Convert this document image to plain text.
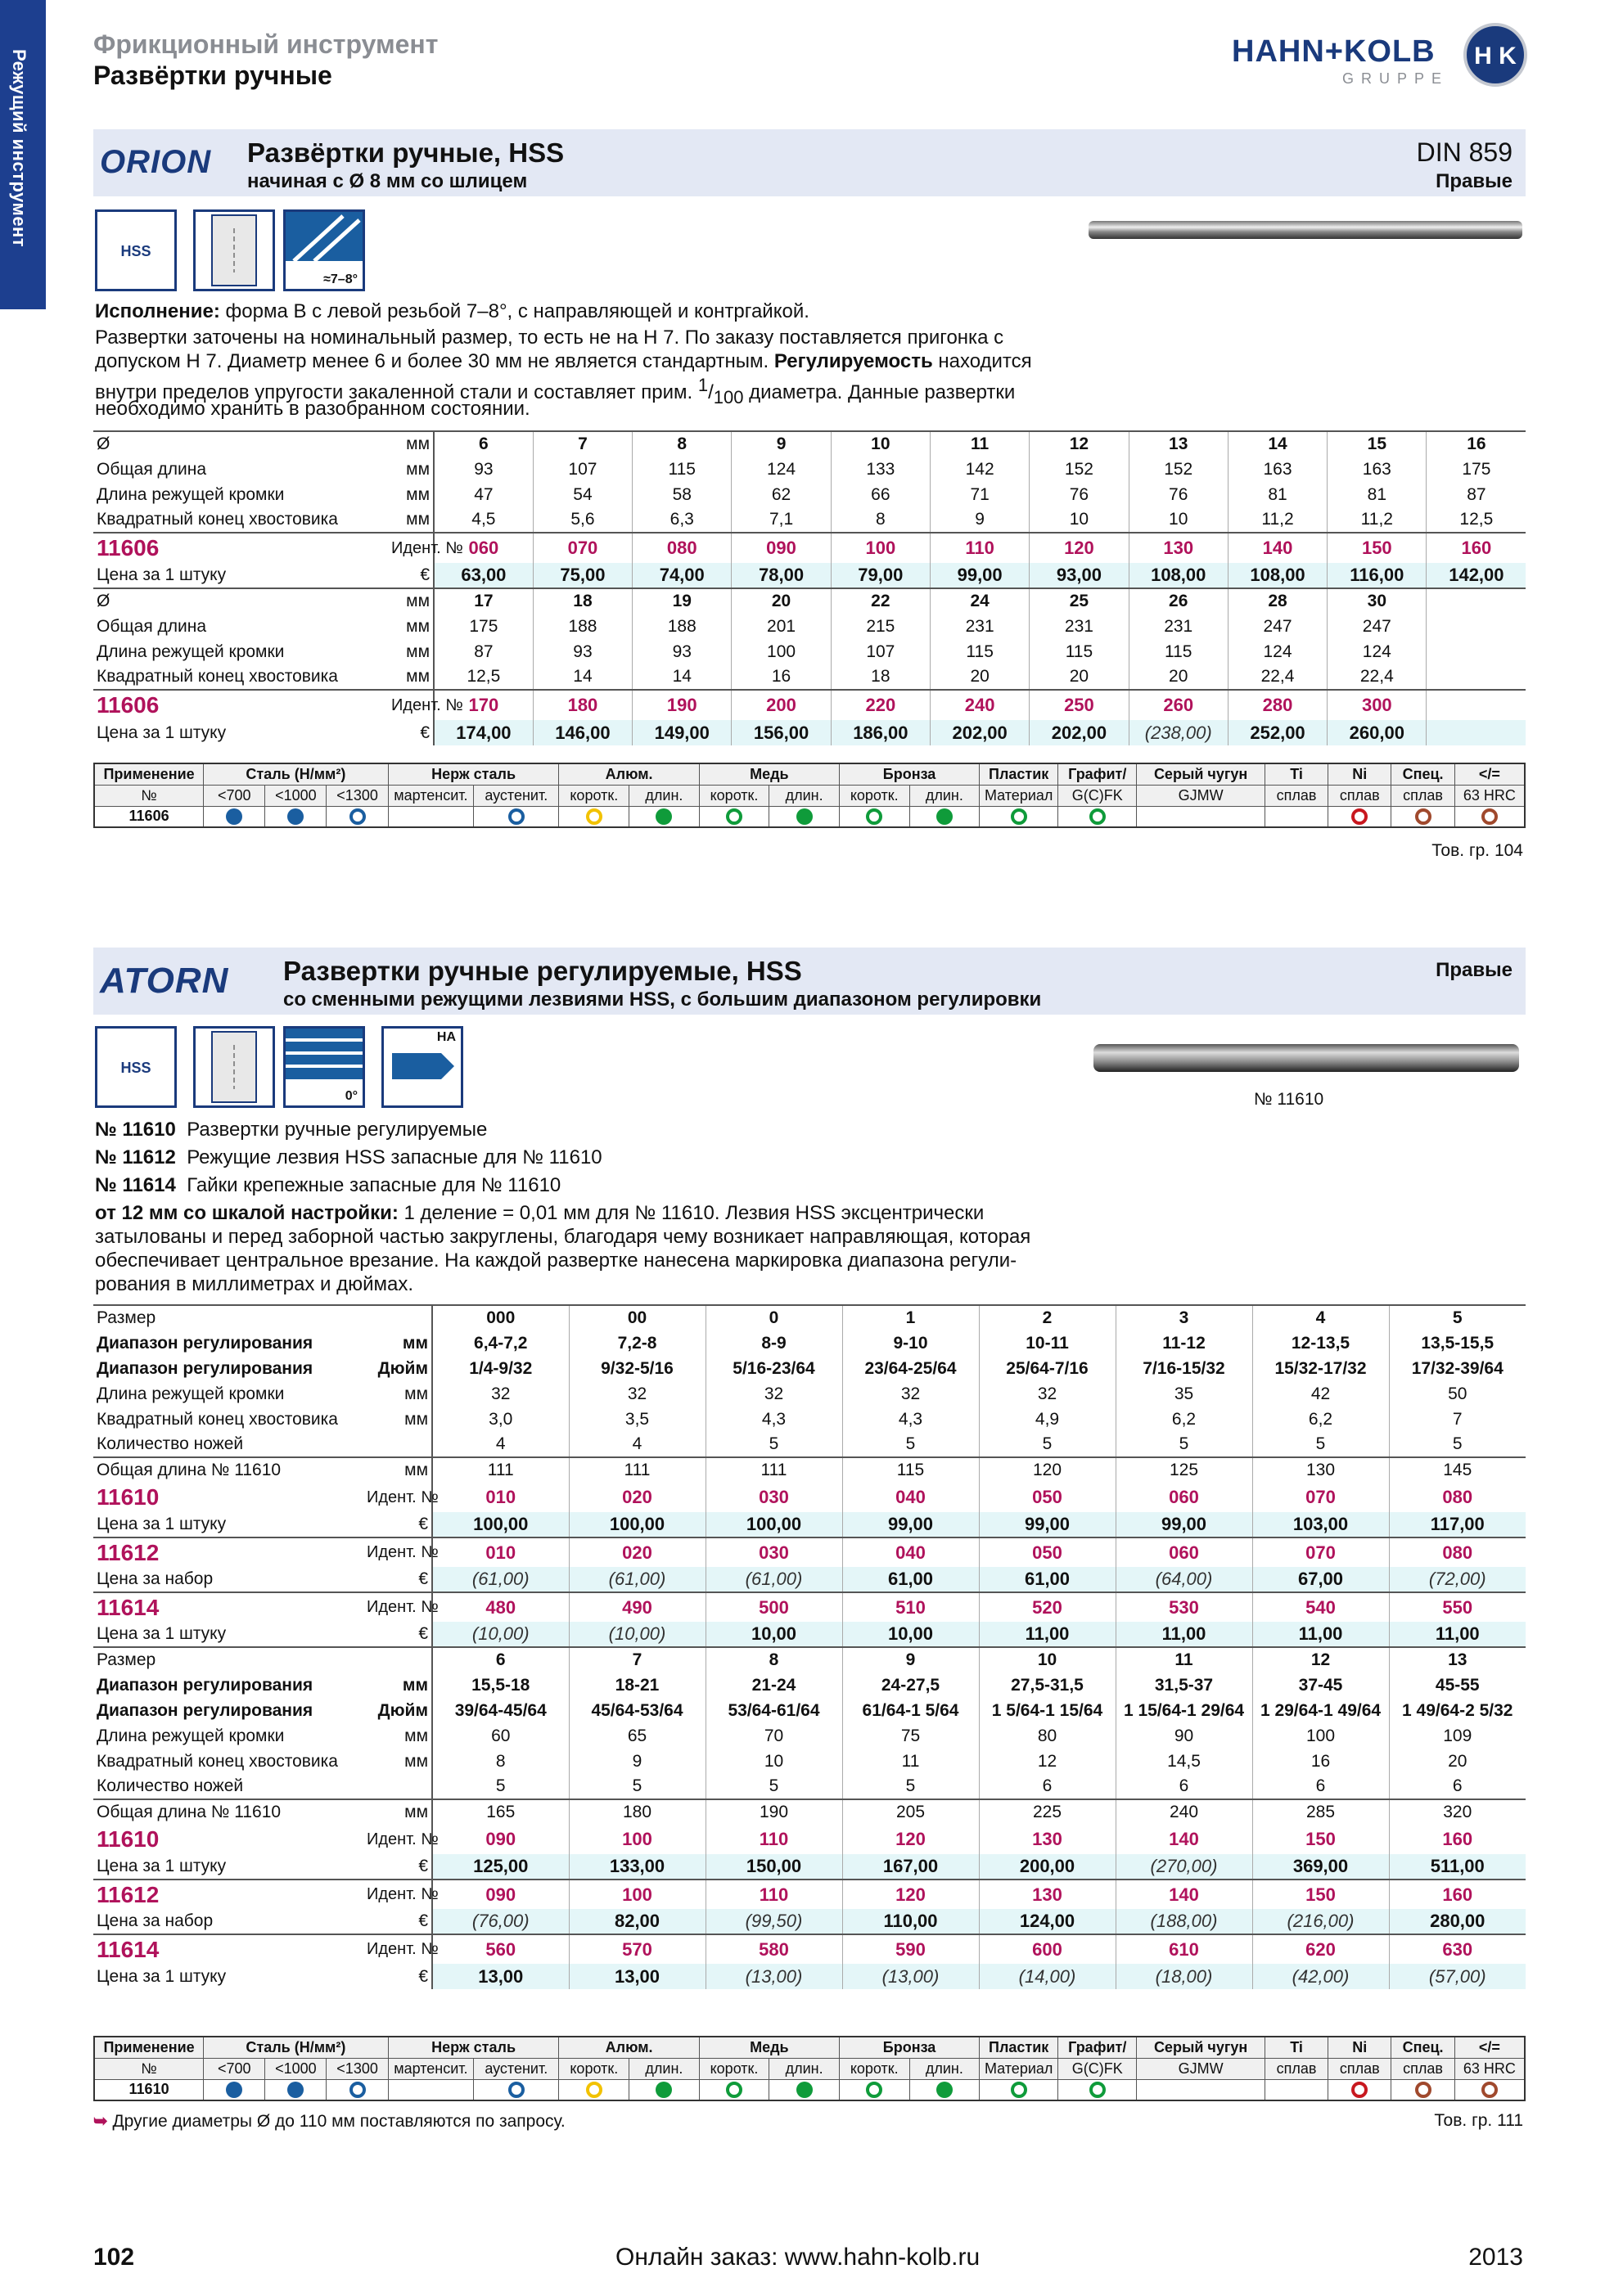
Режущий инструмент
Фрикционный инструмент
Развёртки ручные
HAHN+KOLB
GRUPPE
H K
ORION Развёртки ручные, HSS
начиная с Ø 8 мм со шлицем
DIN 859
Правые
HSS
≈7–8°
Исполнение: форма В с левой резьбой 7–8°, с направляющей и контргайкой.
Развертки заточены на номинальный размер, то есть не на H 7. По заказу поставляется пригонка с
допуском H 7. Диаметр менее 6 и более 30 мм не является стандартным. Регулируемость находится
внутри пределов упругости закаленной стали и составляет прим. $^1/_{100}$ диаметра. Данные развертки
необходимо хранить в разобранном состоянии.
Ø	мм	6	7	8	9	10	11	12	13	14	15	16
Общая длина	мм	93	107	115	124	133	142	152	152	163	163	175
Длина режущей кромки	мм	47	54	58	62	66	71	76	76	81	81	87
Квадратный конец хвостовика	мм	4,5	5,6	6,3	7,1	8	9	10	10	11,2	11,2	12,5
11606	Идент. №	060	070	080	090	100	110	120	130	140	150	160
Цена за 1 штуку	€	63,00	75,00	74,00	78,00	79,00	99,00	93,00	108,00	108,00	116,00	142,00
Ø	мм	17	18	19	20	22	24	25	26	28	30	
Общая длина	мм	175	188	188	201	215	231	231	231	247	247	
Длина режущей кромки	мм	87	93	93	100	107	115	115	115	124	124	
Квадратный конец хвостовика	мм	12,5	14	14	16	18	20	20	20	22,4	22,4	
11606	Идент. №	170	180	190	200	220	240	250	260	280	300	
Цена за 1 штуку	€	174,00	146,00	149,00	156,00	186,00	202,00	202,00	(238,00)	252,00	260,00	
Применение	Сталь (Н/мм²)			Нерж сталь		Алюм.		Медь		Бронза		Пластик	Графит/	Серый чугун	Ti	Ni	Спец.	</=
№	<700	<1000	<1300	мартенсит.	аустенит.	коротк.	длин.	коротк.	длин.	коротк.	длин.	Материал	G(C)FK	GJMW	сплав	сплав	сплав	63 HRC
11606																		
Тов. гр. 104
ATORN Развертки ручные регулируемые, HSS
со сменными режущими лезвиями HSS, с большим диапазоном регулировки
Правые
HSS
0°
HA
№ 11610
№ 11610 Развертки ручные регулируемые
№ 11612 Режущие лезвия HSS запасные для № 11610
№ 11614 Гайки крепежные запасные для № 11610
от 12 мм со шкалой настройки: 1 деление = 0,01 мм для № 11610. Лезвия HSS эксцентрически
затылованы и перед заборной частью закруглены, благодаря чему возникает направляющая, которая
обеспечивает центральное врезание. На каждой развертке нанесена маркировка диапазона регули-
рования в миллиметрах и дюймах.
Размер		000	00	0	1	2	3	4	5
Диапазон регулирования	мм	6,4-7,2	7,2-8	8-9	9-10	10-11	11-12	12-13,5	13,5-15,5
Диапазон регулирования	Дюйм	1/4-9/32	9/32-5/16	5/16-23/64	23/64-25/64	25/64-7/16	7/16-15/32	15/32-17/32	17/32-39/64
Длина режущей кромки	мм	32	32	32	32	32	35	42	50
Квадратный конец хвостовика	мм	3,0	3,5	4,3	4,3	4,9	6,2	6,2	7
Количество ножей		4	4	5	5	5	5	5	5
Общая длина № 11610	мм	111	111	111	115	120	125	130	145
11610	Идент. №	010	020	030	040	050	060	070	080
Цена за 1 штуку	€	100,00	100,00	100,00	99,00	99,00	99,00	103,00	117,00
11612	Идент. №	010	020	030	040	050	060	070	080
Цена за набор	€	(61,00)	(61,00)	(61,00)	61,00	61,00	(64,00)	67,00	(72,00)
11614	Идент. №	480	490	500	510	520	530	540	550
Цена за 1 штуку	€	(10,00)	(10,00)	10,00	10,00	11,00	11,00	11,00	11,00
Размер		6	7	8	9	10	11	12	13
Диапазон регулирования	мм	15,5-18	18-21	21-24	24-27,5	27,5-31,5	31,5-37	37-45	45-55
Диапазон регулирования	Дюйм	39/64-45/64	45/64-53/64	53/64-61/64	61/64-1 5/64	1 5/64-1 15/64	1 15/64-1 29/64	1 29/64-1 49/64	1 49/64-2 5/32
Длина режущей кромки	мм	60	65	70	75	80	90	100	109
Квадратный конец хвостовика	мм	8	9	10	11	12	14,5	16	20
Количество ножей		5	5	5	5	6	6	6	6
Общая длина № 11610	мм	165	180	190	205	225	240	285	320
11610	Идент. №	090	100	110	120	130	140	150	160
Цена за 1 штуку	€	125,00	133,00	150,00	167,00	200,00	(270,00)	369,00	511,00
11612	Идент. №	090	100	110	120	130	140	150	160
Цена за набор	€	(76,00)	82,00	(99,50)	110,00	124,00	(188,00)	(216,00)	280,00
11614	Идент. №	560	570	580	590	600	610	620	630
Цена за 1 штуку	€	13,00	13,00	(13,00)	(13,00)	(14,00)	(18,00)	(42,00)	(57,00)
Применение	Сталь (Н/мм²)			Нерж сталь		Алюм.		Медь		Бронза		Пластик	Графит/	Серый чугун	Ti	Ni	Спец.	</=
№	<700	<1000	<1300	мартенсит.	аустенит.	коротк.	длин.	коротк.	длин.	коротк.	длин.	Материал	G(C)FK	GJMW	сплав	сплав	сплав	63 HRC
11610																		
➥ Другие диаметры Ø до 110 мм поставляются по запросу.	Тов. гр. 111
102	Онлайн заказ: www.hahn-kolb.ru	2013
